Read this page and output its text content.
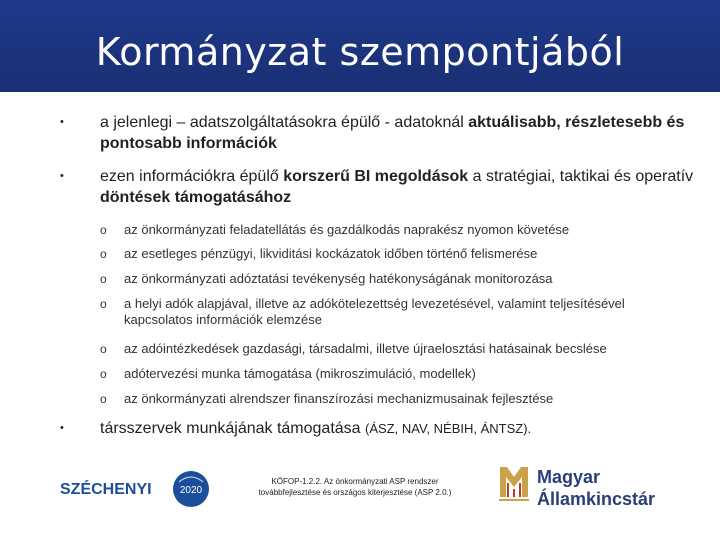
Kormányzat szempontjából
• a jelenlegi – adatszolgáltatásokra épülő - adatoknál aktuálisabb, részletesebb és pontosabb információk
• ezen információkra épülő korszerű BI megoldások a stratégiai, taktikai és operatív döntések támogatásához
o az önkormányzati feladatellátás és gazdálkodás naprakész nyomon követése
o az esetleges pénzügyi, likviditási kockázatok időben történő felismerése
o az önkormányzati adóztatási tevékenység hatékonyságának monitorozása
o a helyi adók alapjával, illetve az adókötelezettség levezetésével, valamint teljesítésével kapcsolatos információk elemzése
o az adóintézkedések gazdasági, társadalmi, illetve újraelosztási hatásainak becslése
o adótervezési munka támogatása (mikroszimuláció, modellek)
o az önkormányzati alrendszer finanszírozási mechanizmusainak fejlesztése
• társszervek munkájának támogatása (ÁSZ, NAV, NÉBIH, ÁNTSZ).
SZÉCHENYI	2020
KÖFOP-1.2.2. Az önkormányzati ASP rendszer
továbbfejlesztése és országos kiterjesztése (ASP 2.0.)
Magyar
Államkincstár
